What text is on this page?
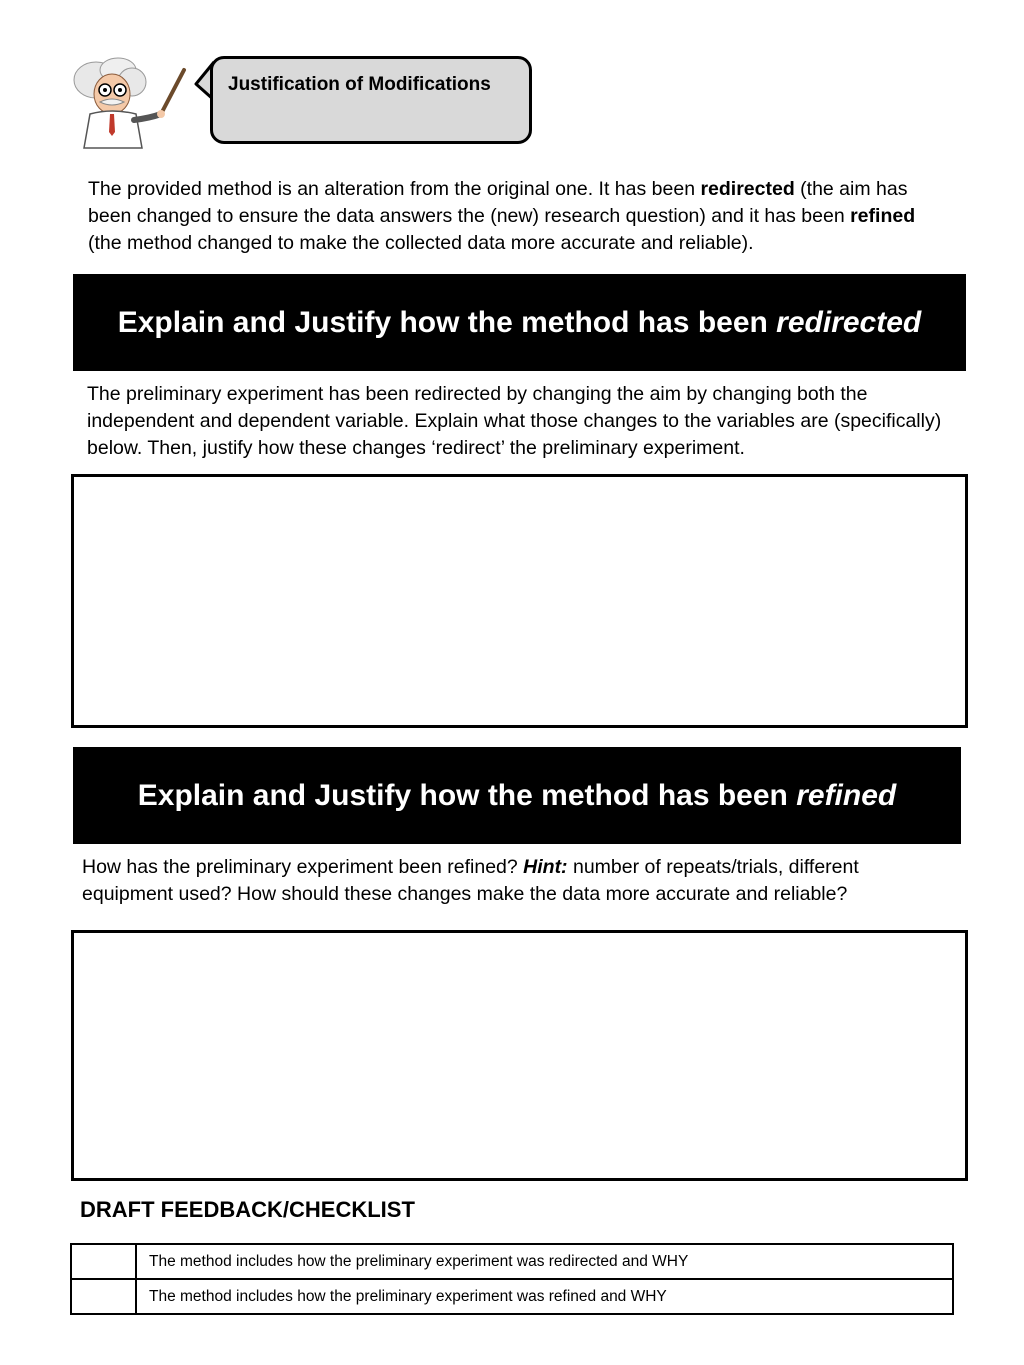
Justification of Modifications
The provided method is an alteration from the original one. It has been redirected (the aim has been changed to ensure the data answers the (new) research question) and it has been refined (the method changed to make the collected data more accurate and reliable).
Explain and Justify how the method has been redirected
The preliminary experiment has been redirected by changing the aim by changing both the independent and dependent variable. Explain what those changes to the variables are (specifically) below. Then, justify how these changes ‘redirect’ the preliminary experiment.
Explain and Justify how the method has been refined
How has the preliminary experiment been refined? Hint: number of repeats/trials, different equipment used? How should these changes make the data more accurate and reliable?
DRAFT FEEDBACK/CHECKLIST
	The method includes how the preliminary experiment was redirected and WHY
	The method includes how the preliminary experiment was refined and WHY
